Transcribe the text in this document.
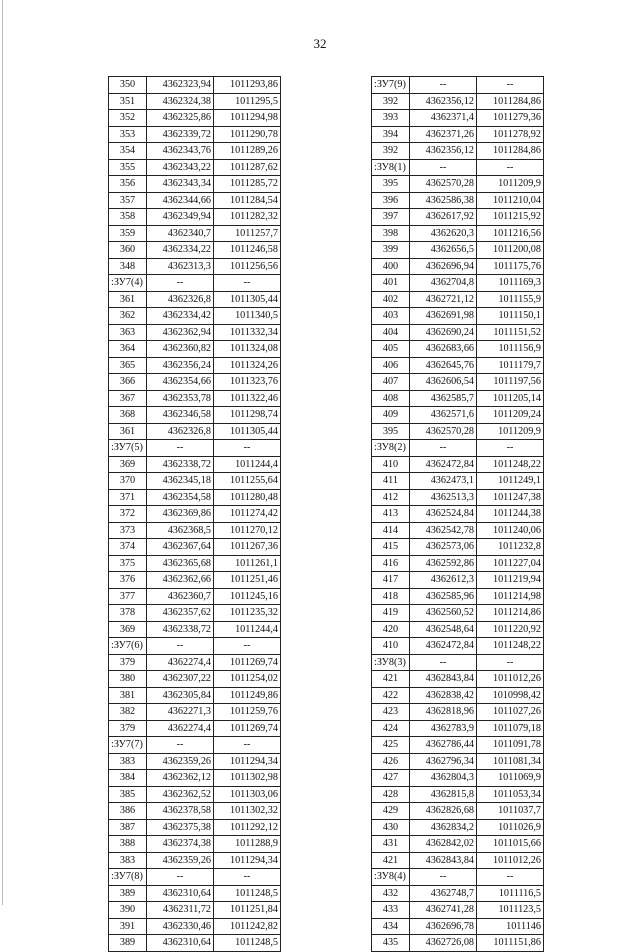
32
350	4362323,94	1011293,86
351	4362324,38	1011295,5
352	4362325,86	1011294,98
353	4362339,72	1011290,78
354	4362343,76	1011289,26
355	4362343,22	1011287,62
356	4362343,34	1011285,72
357	4362344,66	1011284,54
358	4362349,94	1011282,32
359	4362340,7	1011257,7
360	4362334,22	1011246,58
348	4362313,3	1011256,56
:ЗУ7(4)	--	--
361	4362326,8	1011305,44
362	4362334,42	1011340,5
363	4362362,94	1011332,34
364	4362360,82	1011324,08
365	4362356,24	1011324,26
366	4362354,66	1011323,76
367	4362353,78	1011322,46
368	4362346,58	1011298,74
361	4362326,8	1011305,44
:ЗУ7(5)	--	--
369	4362338,72	1011244,4
370	4362345,18	1011255,64
371	4362354,58	1011280,48
372	4362369,86	1011274,42
373	4362368,5	1011270,12
374	4362367,64	1011267,36
375	4362365,68	1011261,1
376	4362362,66	1011251,46
377	4362360,7	1011245,16
378	4362357,62	1011235,32
369	4362338,72	1011244,4
:ЗУ7(6)	--	--
379	4362274,4	1011269,74
380	4362307,22	1011254,02
381	4362305,84	1011249,86
382	4362271,3	1011259,76
379	4362274,4	1011269,74
:ЗУ7(7)	--	--
383	4362359,26	1011294,34
384	4362362,12	1011302,98
385	4362362,52	1011303,06
386	4362378,58	1011302,32
387	4362375,38	1011292,12
388	4362374,38	1011288,9
383	4362359,26	1011294,34
:ЗУ7(8)	--	--
389	4362310,64	1011248,5
390	4362311,72	1011251,84
391	4362330,46	1011242,82
389	4362310,64	1011248,5
:ЗУ7(9)	--	--
392	4362356,12	1011284,86
393	4362371,4	1011279,36
394	4362371,26	1011278,92
392	4362356,12	1011284,86
:ЗУ8(1)	--	--
395	4362570,28	1011209,9
396	4362586,38	1011210,04
397	4362617,92	1011215,92
398	4362620,3	1011216,56
399	4362656,5	1011200,08
400	4362696,94	1011175,76
401	4362704,8	1011169,3
402	4362721,12	1011155,9
403	4362691,98	1011150,1
404	4362690,24	1011151,52
405	4362683,66	1011156,9
406	4362645,76	1011179,7
407	4362606,54	1011197,56
408	4362585,7	1011205,14
409	4362571,6	1011209,24
395	4362570,28	1011209,9
:ЗУ8(2)	--	--
410	4362472,84	1011248,22
411	4362473,1	1011249,1
412	4362513,3	1011247,38
413	4362524,84	1011244,38
414	4362542,78	1011240,06
415	4362573,06	1011232,8
416	4362592,86	1011227,04
417	4362612,3	1011219,94
418	4362585,96	1011214,98
419	4362560,52	1011214,86
420	4362548,64	1011220,92
410	4362472,84	1011248,22
:ЗУ8(3)	--	--
421	4362843,84	1011012,26
422	4362838,42	1010998,42
423	4362818,96	1011027,26
424	4362783,9	1011079,18
425	4362786,44	1011091,78
426	4362796,34	1011081,34
427	4362804,3	1011069,9
428	4362815,8	1011053,34
429	4362826,68	1011037,7
430	4362834,2	1011026,9
431	4362842,02	1011015,66
421	4362843,84	1011012,26
:ЗУ8(4)	--	--
432	4362748,7	1011116,5
433	4362741,28	1011123,5
434	4362696,78	1011146
435	4362726,08	1011151,86
